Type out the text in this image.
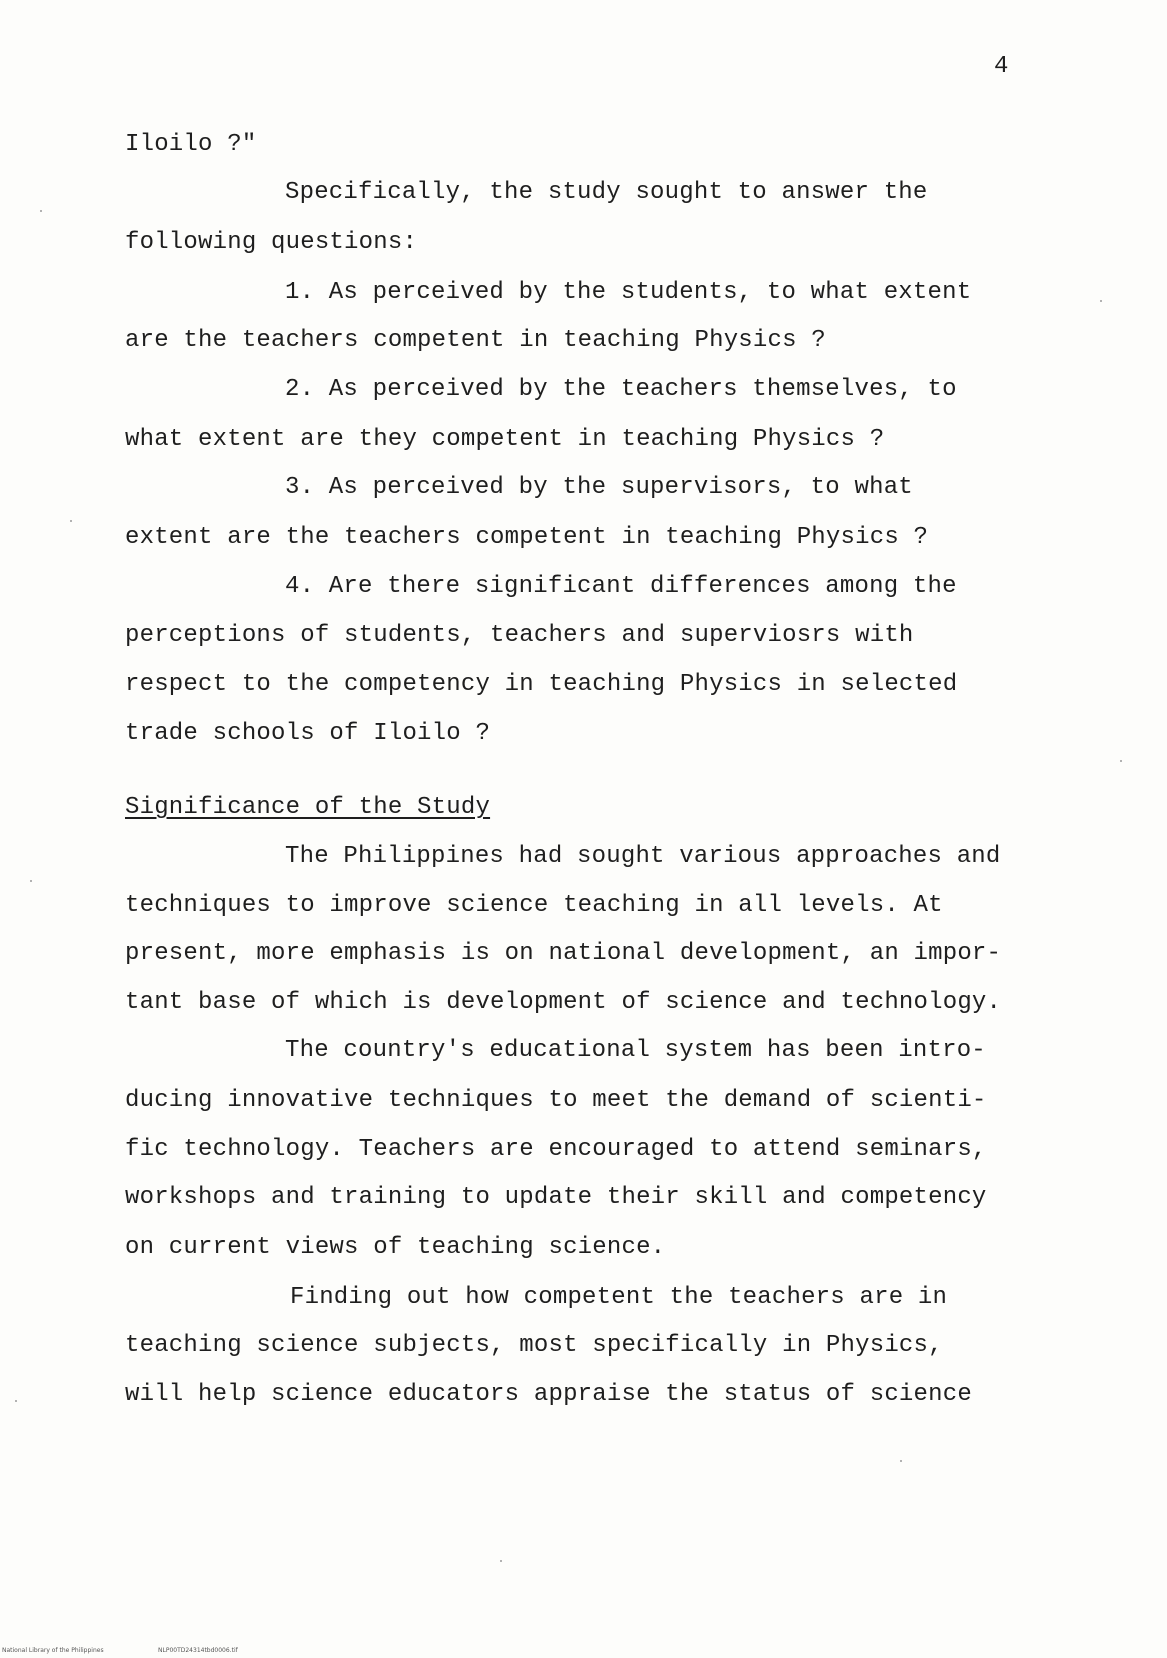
4
Iloilo ?"
Specifically, the study sought to answer the
following questions:
1. As perceived by the students, to what extent
are the teachers competent in teaching Physics ?
2. As perceived by the teachers themselves, to
what extent are they competent in teaching Physics ?
3. As perceived by the supervisors, to what
extent are the teachers competent in teaching Physics ?
4. Are there significant differences among the
perceptions of students, teachers and superviosrs with
respect to the competency in teaching Physics in selected
trade schools of Iloilo ?
Significance of the Study
The Philippines had sought various approaches and
techniques to improve science teaching in all levels. At
present, more emphasis is on national development, an impor-
tant base of which is development of science and technology.
The country's educational system has been intro-
ducing innovative techniques to meet the demand of scienti-
fic technology. Teachers are encouraged to attend seminars,
workshops and training to update their skill and competency
on current views of teaching science.
Finding out how competent the teachers are in
teaching science subjects, most specifically in Physics,
will help science educators appraise the status of science
National Library of the Philippines	NLP00TD24314tbd0006.tif
